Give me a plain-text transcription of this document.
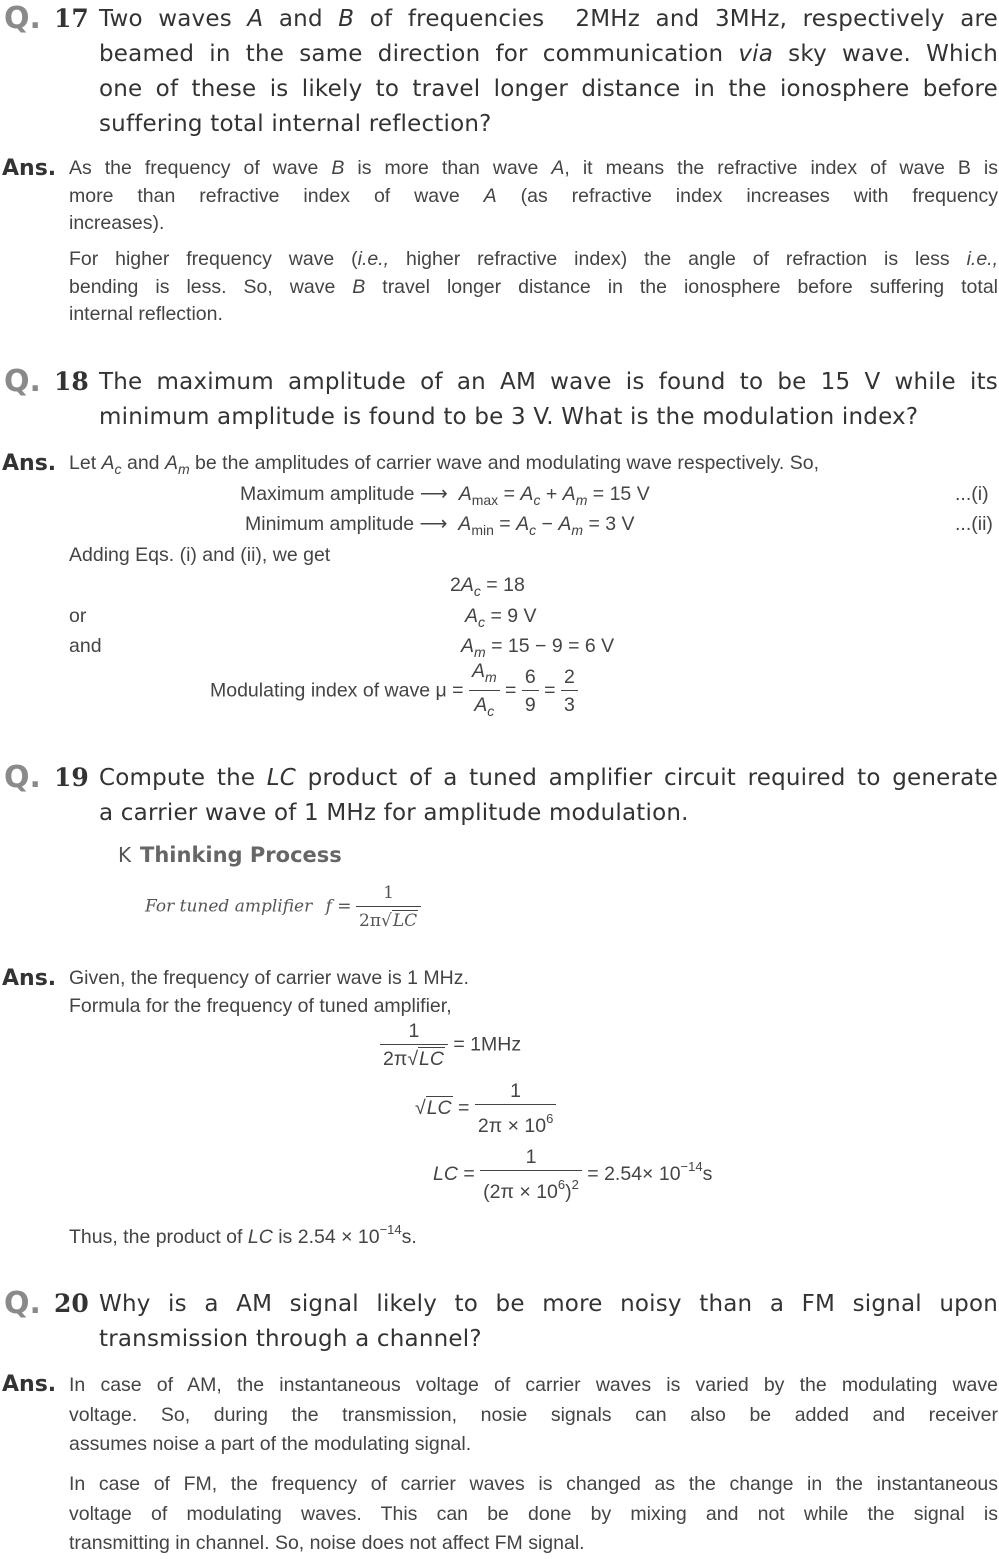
Q. 17 Two waves A and B of frequencies  2MHz and 3MHz, respectively are
beamed in the same direction for communication via sky wave. Which
one of these is likely to travel longer distance in the ionosphere before
suffering total internal reflection?
Ans. As the frequency of wave B is more than wave A, it means the refractive index of wave B is
more than refractive index of wave A (as refractive index increases with frequency
increases).
For higher frequency wave (i.e., higher refractive index) the angle of refraction is less i.e.,
bending is less. So, wave B travel longer distance in the ionosphere before suffering total
internal reflection.
Q. 18 The maximum amplitude of an AM wave is found to be 15 V while its
minimum amplitude is found to be 3 V. What is the modulation index?
Ans. Let $A_c$ and $A_m$ be the amplitudes of carrier wave and modulating wave respectively. So,
Maximum amplitude ⟶ $A_{max} = A_c + A_m = 15$ V	...(i)
Minimum amplitude ⟶ $A_{min} = A_c - A_m = 3$ V	...(ii)
Adding Eqs. (i) and (ii), we get
$2A_c = 18$
or	$A_c = 9$ V
and	$A_m = 15 - 9 = 6$ V
Modulating index of wave $\mu = \frac{A_m}{A_c} = \frac{6}{9} = \frac{2}{3}$
Q. 19 Compute the LC product of a tuned amplifier circuit required to generate
a carrier wave of 1 MHz for amplitude modulation.
K Thinking Process
For tuned amplifier $f = \frac{1}{2\pi√LC}$
Ans. Given, the frequency of carrier wave is 1 MHz.
Formula for the frequency of tuned amplifier,
$\frac{1}{2\pi√LC} = 1MHz$
$√LC = \frac{1}{2\pi \times 10^6}$
LC = $\frac{1}{(2\pi \times 10^6)^2} = 2.54\times 10^{-14}s$
Thus, the product of LC is $2.54 \times 10^{-14}s$.
Q. 20 Why is a AM signal likely to be more noisy than a FM signal upon
transmission through a channel?
Ans. In case of AM, the instantaneous voltage of carrier waves is varied by the modulating wave
voltage. So, during the transmission, nosie signals can also be added and receiver
assumes noise a part of the modulating signal.
In case of FM, the frequency of carrier waves is changed as the change in the instantaneous
voltage of modulating waves. This can be done by mixing and not while the signal is
transmitting in channel. So, noise does not affect FM signal.
